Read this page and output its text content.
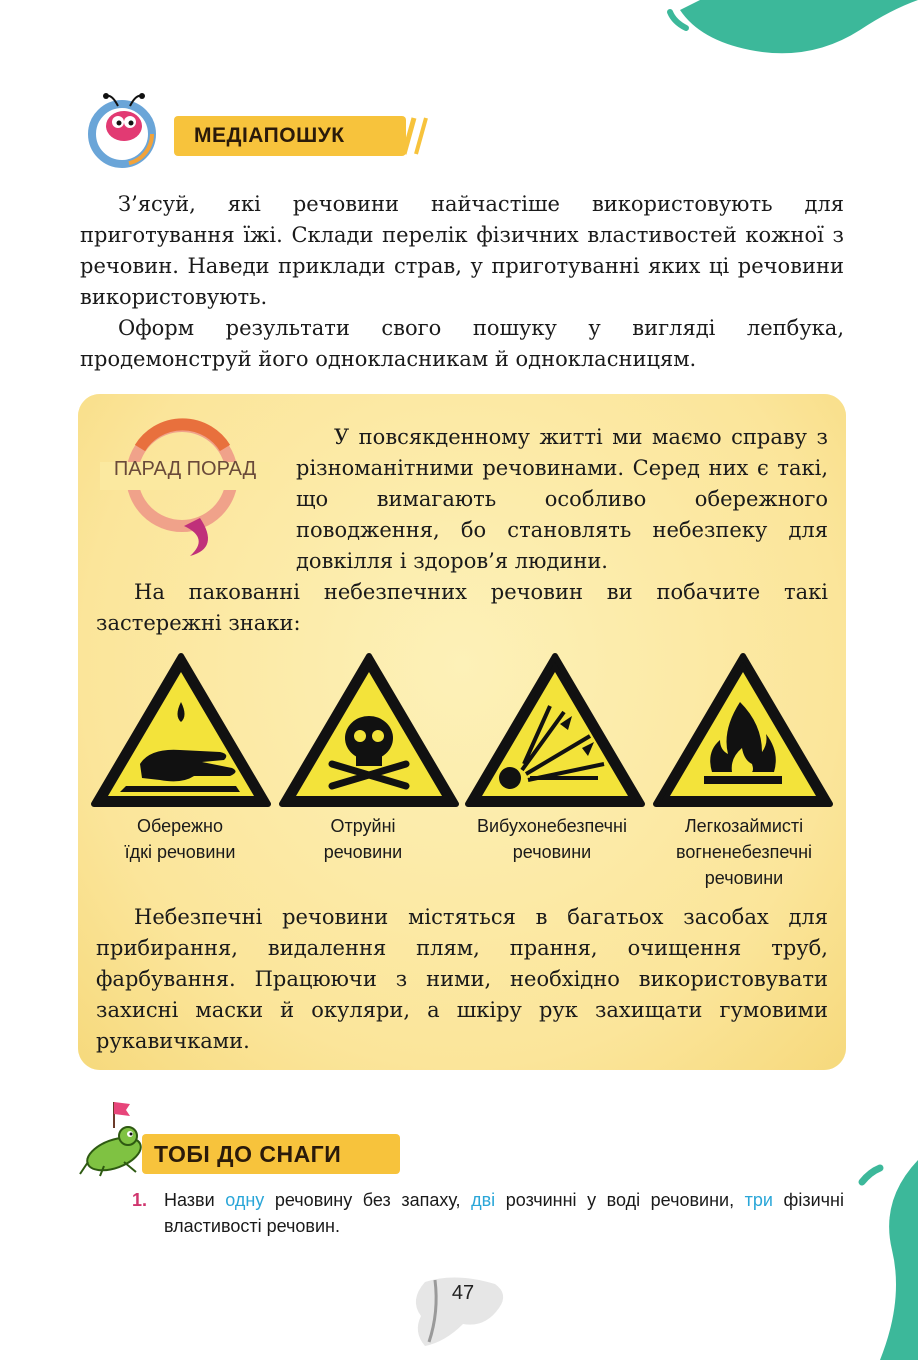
МЕДІАПОШУК

З’ясуй, які речовини найчастіше використовують для приготування їжі. Склади перелік фізичних властивостей кожної з речовин. Наведи приклади страв, у приготуванні яких ці речовини використовують.

Оформ результати свого пошуку у вигляді лепбука, продемонструй його однокласникам й однокласницям.

ПАРАД ПОРАД

У повсякденному житті ми маємо справу з різноманітними речовинами. Серед них є такі, що вимагають особливо обережного поводження, бо становлять небезпеку для довкілля і здоров’я людини.

На пакованні небезпечних речовин ви побачите такі застережні знаки:

Обережно
їдкі речовини
Отруйні
речовини
Вибухонебезпечні
речовини
Легкозаймисті
вогненебезпечні
речовини

Небезпечні речовини містяться в багатьох засобах для прибирання, видалення плям, прання, очищення труб, фарбування. Працюючи з ними, необхідно використовувати захисні маски й окуляри, а шкіру рук захищати гумовими рукавичками.

ТОБІ ДО СНАГИ
1. Назви одну речовину без запаху, дві розчинні у воді речовини, три фізичні властивості речовин.
47
